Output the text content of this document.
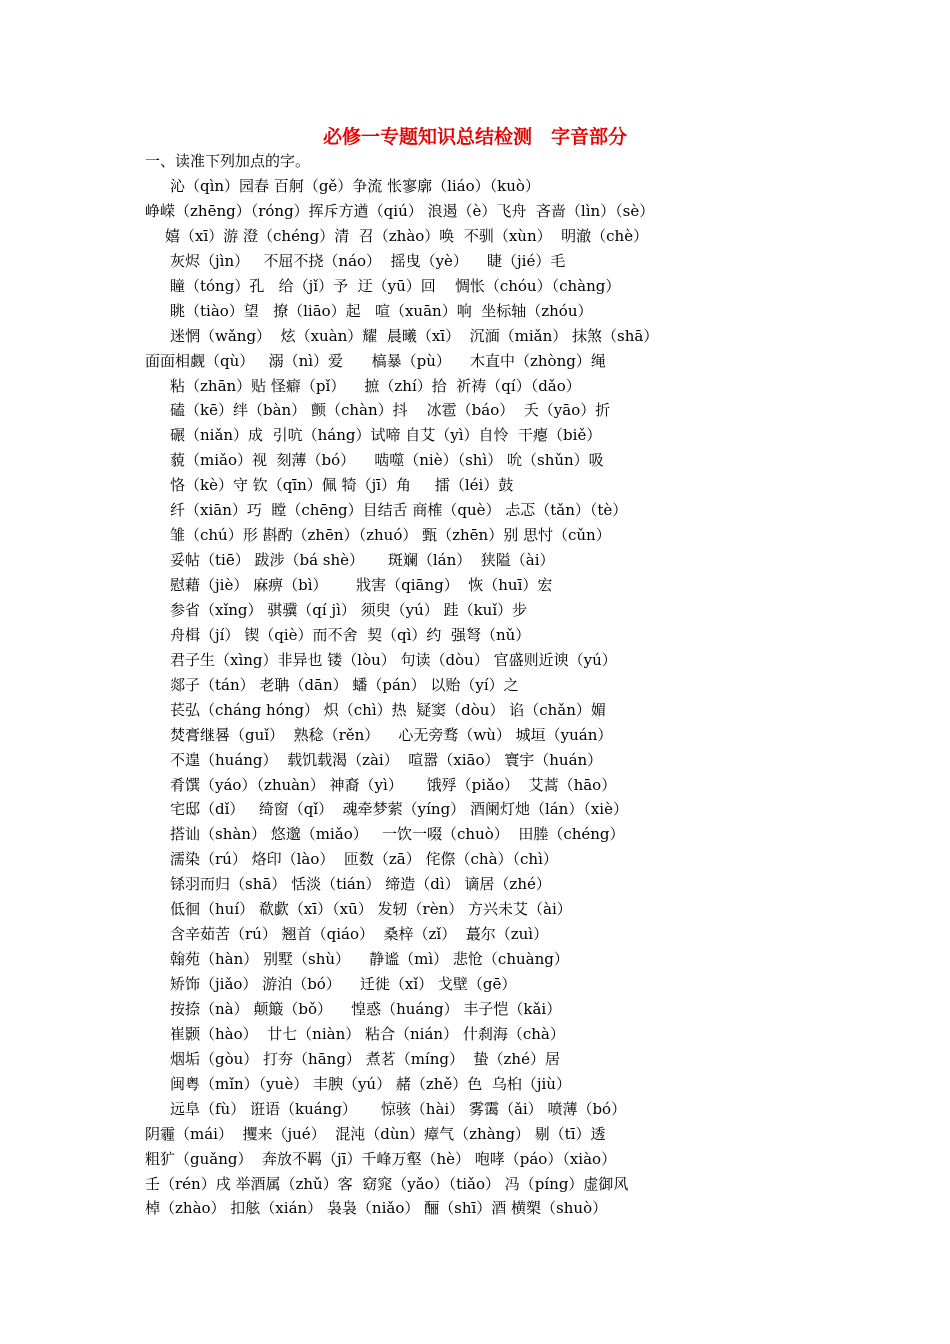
必修一专题知识总结检测　字音部分
一、读准下列加点的字。
沁（qìn）园春 百舸（gě）争流 怅寥廓（liáo）（kuò）
峥嵘（zhēng）（róng）挥斥方遒（qiú） 浪遏（è）飞舟  吝啬（lìn）（sè）
嬉（xī）游 澄（chéng）清  召（zhào）唤  不驯（xùn）  明澈（chè）
灰烬（jìn）   不屈不挠（náo）  摇曳（yè）    睫（jié）毛
瞳（tóng）孔   给（jǐ）予  迂（yū）回    惆怅（chóu）（chàng）
眺（tiào）望   撩（liāo）起   喧（xuān）响  坐标轴（zhóu）
迷惘（wǎng）  炫（xuàn）耀  晨曦（xī）  沉湎（miǎn） 抹煞（shā）
面面相觑（qù）   溺（nì）爱      槁暴（pù）    木直中（zhòng）绳
粘（zhān）贴 怪癖（pǐ）    摭（zhí）拾  祈祷（qí）（dǎo）
磕（kē）绊（bàn） 颤（chàn）抖    冰雹（báo）  夭（yāo）折
碾（niǎn）成  引吭（háng）试啼 自艾（yì）自怜  干瘪（biě）
藐（miǎo）视  刻薄（bó）    啮噬（niè）（shì） 吮（shǔn）吸
恪（kè）守 钦（qīn）佩 犄（jī）角     擂（léi）鼓
纤（xiān）巧  瞠（chēng）目结舌 商榷（què） 忐忑（tǎn）（tè）
雏（chú）形 斟酌（zhēn）（zhuó） 甄（zhēn）别 思忖（cǔn）
妥帖（tiē） 跋涉（bá shè）     斑斓（lán）  狭隘（ài）
慰藉（jiè） 麻痹（bì）      戕害（qiāng）  恢（huī）宏
参省（xǐng） 骐骥（qí jì） 须臾（yú） 跬（kuǐ）步
舟楫（jí） 锲（qiè）而不舍  契（qì）约  强弩（nǔ）
君子生（xìng）非异也 镂（lòu） 句读（dòu） 官盛则近谀（yú）
郯子（tán） 老聃（dān） 蟠（pán） 以贻（yí）之
苌弘（cháng hóng） 炽（chì）热  疑窦（dòu） 谄（chǎn）媚
焚膏继晷（guǐ）  熟稔（rěn）    心无旁骛（wù） 城垣（yuán）
不遑（huáng）  载饥载渴（zài）  喧嚣（xiāo） 寰宇（huán）
肴馔（yáo）（zhuàn） 神裔（yì）     饿殍（piǎo）  艾蒿（hāo）
宅邸（dǐ）   绮窗（qǐ）  魂牵梦萦（yíng） 酒阑灯灺（lán）（xiè）
搭讪（shàn） 悠邈（miǎo）   一饮一啜（chuò）  田塍（chéng）
濡染（rú） 烙印（lào）  匝数（zā） 侘傺（chà）（chì）
铩羽而归（shā） 恬淡（tián） 缔造（dì） 谪居（zhé）
低徊（huí） 欷歔（xī）（xū） 发轫（rèn） 方兴未艾（ài）
含辛茹苦（rú） 翘首（qiáo）  桑梓（zǐ）  蕞尔（zuì）
翰苑（hàn） 别墅（shù）    静谧（mì） 悲怆（chuàng）
矫饰（jiǎo） 游泊（bó）    迁徙（xǐ） 戈壁（gē）
按捺（nà） 颠簸（bǒ）    惶惑（huáng） 丰子恺（kǎi）
崔颢（hào）  廿七（niàn） 粘合（nián） 什刹海（chà）
烟垢（gòu） 打夯（hāng） 煮茗（míng）  蛰（zhé）居
闽粤（mǐn）（yuè） 丰腴（yú） 赭（zhě）色  乌桕（jiù）
远阜（fù） 诳语（kuáng）     惊骇（hài） 雾霭（ǎi） 喷薄（bó）
阴霾（mái）  攫来（jué）  混沌（dùn）瘴气（zhàng） 剔（tī）透
粗犷（guǎng）  奔放不羁（jī）千峰万壑（hè） 咆哮（páo）（xiào）
壬（rén）戌 举酒属（zhǔ）客  窈窕（yǎo）（tiǎo） 冯（píng）虚御风
棹（zhào） 扣舷（xián） 袅袅（niǎo） 酾（shī）酒 横槊（shuò）
